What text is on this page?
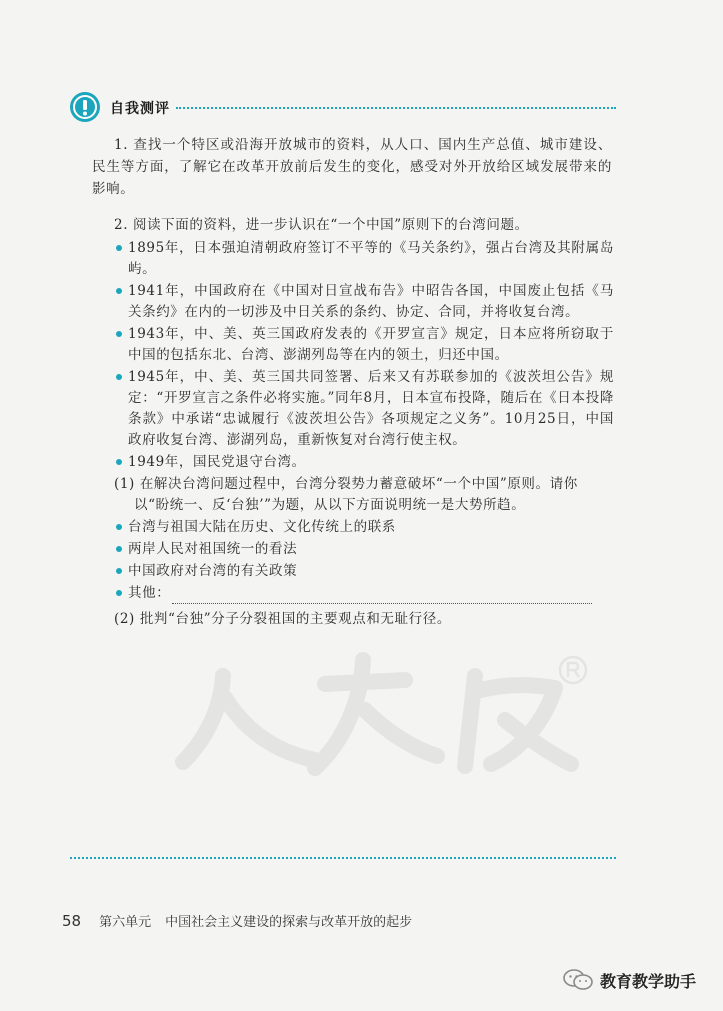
自我测评

1. 查找一个特区或沿海开放城市的资料，从人口、国内生产总值、城市建设、民生等方面，了解它在改革开放前后发生的变化，感受对外开放给区域发展带来的影响。

2. 阅读下面的资料，进一步认识在“一个中国”原则下的台湾问题。

1895年，日本强迫清朝政府签订不平等的《马关条约》，强占台湾及其附属岛屿。
1941年，中国政府在《中国对日宣战布告》中昭告各国，中国废止包括《马关条约》在内的一切涉及中日关系的条约、协定、合同，并将收复台湾。
1943年，中、美、英三国政府发表的《开罗宣言》规定，日本应将所窃取于中国的包括东北、台湾、澎湖列岛等在内的领土，归还中国。
1945年，中、美、英三国共同签署、后来又有苏联参加的《波茨坦公告》规定：“开罗宣言之条件必将实施。”同年8月，日本宣布投降，随后在《日本投降条款》中承诺“忠诚履行《波茨坦公告》各项规定之义务”。10月25日，中国政府收复台湾、澎湖列岛，重新恢复对台湾行使主权。
1949年，国民党退守台湾。
(1) 在解决台湾问题过程中，台湾分裂势力蓄意破坏“一个中国”原则。请你
以“盼统一、反‘台独’”为题，从以下方面说明统一是大势所趋。
台湾与祖国大陆在历史、文化传统上的联系
两岸人民对祖国统一的看法
中国政府对台湾的有关政策
其他：
(2) 批判“台独”分子分裂祖国的主要观点和无耻行径。
58 第六单元 中国社会主义建设的探索与改革开放的起步
教育教学助手
